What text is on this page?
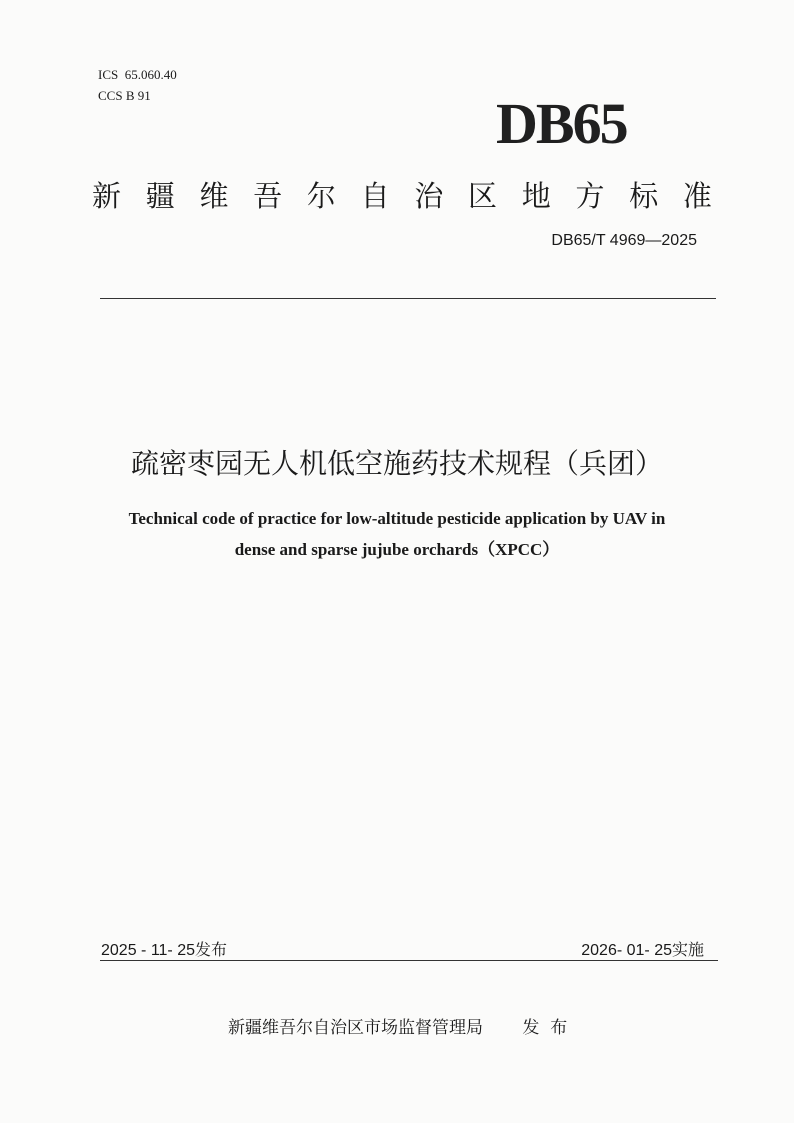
ICS  65.060.40
CCS B 91	DB65
新 疆 维 吾 尔 自 治 区 地 方 标 准
DB65/T 4969—2025
疏密枣园无人机低空施药技术规程（兵团）
Technical code of practice for low-altitude pesticide application by UAV in
dense and sparse jujube orchards（XPCC）
2025 - 11- 25发布	2026- 01- 25实施
新疆维吾尔自治区市场监督管理局 发  布
